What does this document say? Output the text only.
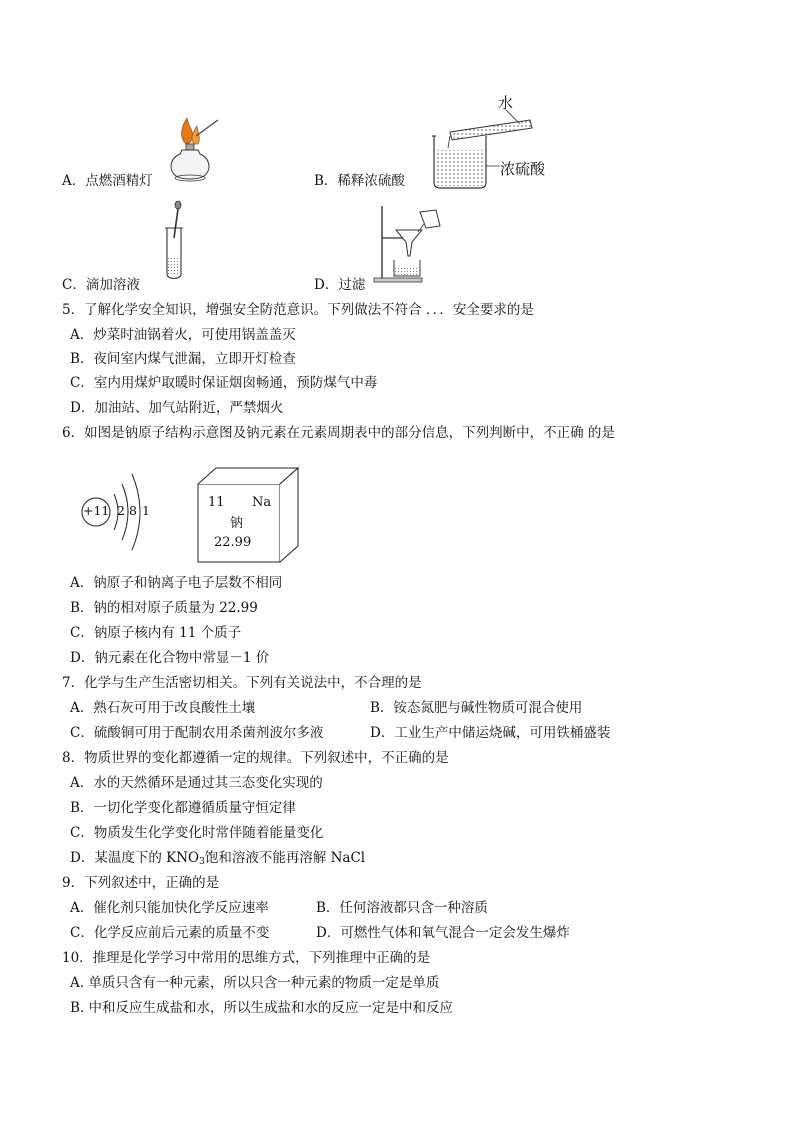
A．点燃酒精灯
水
浓硫酸
B．稀释浓硫酸
C．滴加溶液	D．过滤
5．了解化学安全知识，增强安全防范意识。下列做法不符合 ．．．安全要求的是
A．炒菜时油锅着火，可使用锅盖盖灭
B．夜间室内煤气泄漏，立即开灯检查
C．室内用煤炉取暖时保证烟囱畅通，预防煤气中毒
D．加油站、加气站附近，严禁烟火
6．如图是钠原子结构示意图及钠元素在元素周期表中的部分信息，下列判断中，不正确 的是
+11 2 8 1
11 Na
钠
22.99
A．钠原子和钠离子电子层数不相同
B．钠的相对原子质量为 22.99
C．钠原子核内有 11 个质子
D．钠元素在化合物中常显－1 价
7．化学与生产生活密切相关。下列有关说法中，不合理的是
A．熟石灰可用于改良酸性土壤	B．铵态氮肥与碱性物质可混合使用
C．硫酸铜可用于配制农用杀菌剂波尔多液	D．工业生产中储运烧碱，可用铁桶盛装
8．物质世界的变化都遵循一定的规律。下列叙述中，不正确的是
A．水的天然循环是通过其三态变化实现的
B．一切化学变化都遵循质量守恒定律
C．物质发生化学变化时常伴随着能量变化
D．某温度下的 $KNO_3$饱和溶液不能再溶解 NaCl
9．下列叙述中，正确的是
A．催化剂只能加快化学反应速率	B．任何溶液都只含一种溶质
C．化学反应前后元素的质量不变	D．可燃性气体和氧气混合一定会发生爆炸
10．推理是化学学习中常用的思维方式，下列推理中正确的是
A. 单质只含有一种元素，所以只含一种元素的物质一定是单质
B. 中和反应生成盐和水，所以生成盐和水的反应一定是中和反应
